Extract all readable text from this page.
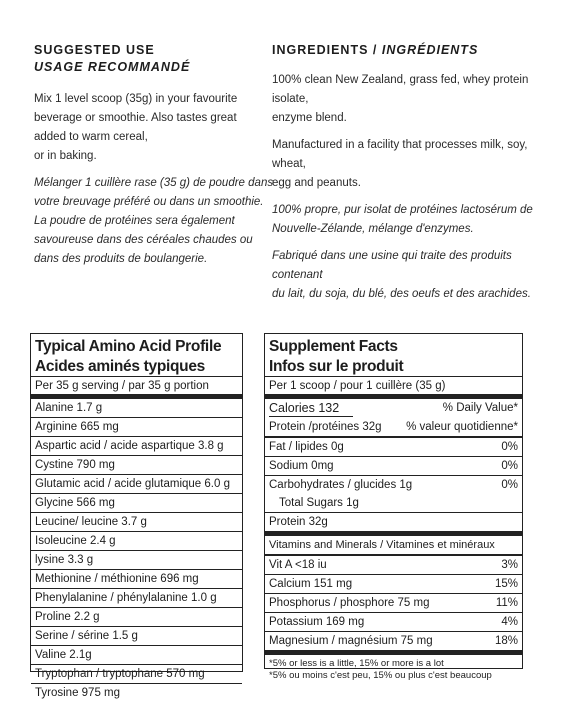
SUGGESTED USE

USAGE RECOMMANDÉ

Mix 1 level scoop (35g) in your favourite
beverage or smoothie. Also tastes great
added to warm cereal,
or in baking.

Mélanger 1 cuillère rase (35 g) de poudre dans
votre breuvage préféré ou dans un smoothie.
La poudre de protéines sera également
savoureuse dans des céréales chaudes ou
dans des produits de boulangerie.

INGREDIENTS / INGRÉDIENTS

100% clean New Zealand, grass fed, whey protein isolate,
enzyme blend.

Manufactured in a facility that processes milk, soy, wheat,
egg and peanuts.

100% propre, pur isolat de protéines lactosérum de
Nouvelle-Zélande, mélange d'enzymes.

Fabriqué dans une usine qui traite des produits contenant
du lait, du soja, du blé, des oeufs et des arachides.

Typical Amino Acid Profile
Acides aminés typiques
Per 35 g serving / par 35 g portion
Alanine 1.7 g
Arginine 665 mg
Aspartic acid / acide aspartique 3.8 g
Cystine 790 mg
Glutamic acid / acide glutamique 6.0 g
Glycine 566 mg
Leucine/ leucine 3.7 g
Isoleucine 2.4 g
lysine 3.3 g
Methionine / méthionine 696 mg
Phenylalanine / phénylalanine 1.0 g
Proline 2.2 g
Serine / sérine 1.5 g
Valine 2.1g
Tryptophan / tryptophane 570 mg
Tyrosine 975 mg
Supplement Facts
Infos sur le produit
Per 1 scoop / pour 1 cuillère (35 g)
Calories 132	% Daily Value*
Protein /protéines 32g % valeur quotidienne*
Fat / lipides 0g	0%
Sodium 0mg	0%
Carbohydrates / glucides 1g	0%
Total Sugars 1g
Protein 32g
Vitamins and Minerals / Vitamines et minéraux
Vit A <18 iu	3%
Calcium 151 mg	15%
Phosphorus / phosphore 75 mg	11%
Potassium 169 mg	4%
Magnesium / magnésium 75 mg	18%
*5% or less is a little, 15% or more is a lot
*5% ou moins c'est peu, 15% ou plus c'est beaucoup
